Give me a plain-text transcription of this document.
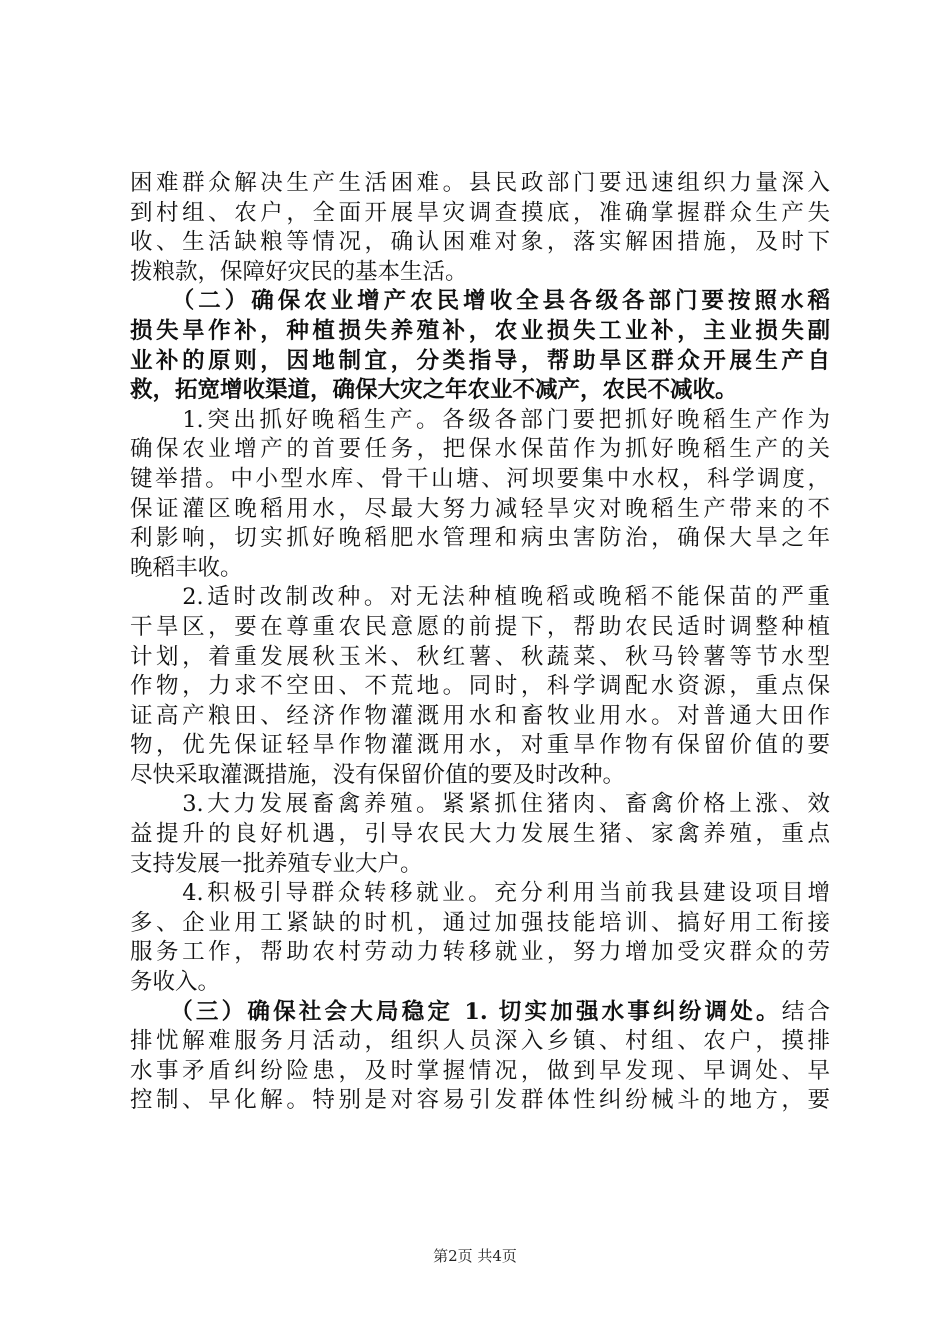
困难群众解决生产生活困难。县民政部门要迅速组织力量深入
到村组、农户，全面开展旱灾调查摸底，准确掌握群众生产失
收、生活缺粮等情况，确认困难对象，落实解困措施，及时下
拨粮款，保障好灾民的基本生活。
　　（二）确保农业增产农民增收全县各级各部门要按照水稻
损失旱作补，种植损失养殖补，农业损失工业补，主业损失副
业补的原则，因地制宜，分类指导，帮助旱区群众开展生产自
救，拓宽增收渠道，确保大灾之年农业不减产，农民不减收。
　　1.突出抓好晚稻生产。各级各部门要把抓好晚稻生产作为
确保农业增产的首要任务，把保水保苗作为抓好晚稻生产的关
键举措。中小型水库、骨干山塘、河坝要集中水权，科学调度，
保证灌区晚稻用水，尽最大努力减轻旱灾对晚稻生产带来的不
利影响，切实抓好晚稻肥水管理和病虫害防治，确保大旱之年
晚稻丰收。
　　2.适时改制改种。对无法种植晚稻或晚稻不能保苗的严重
干旱区，要在尊重农民意愿的前提下，帮助农民适时调整种植
计划，着重发展秋玉米、秋红薯、秋蔬菜、秋马铃薯等节水型
作物，力求不空田、不荒地。同时，科学调配水资源，重点保
证高产粮田、经济作物灌溉用水和畜牧业用水。对普通大田作
物，优先保证轻旱作物灌溉用水，对重旱作物有保留价值的要
尽快采取灌溉措施，没有保留价值的要及时改种。
　　3.大力发展畜禽养殖。紧紧抓住猪肉、畜禽价格上涨、效
益提升的良好机遇，引导农民大力发展生猪、家禽养殖，重点
支持发展一批养殖专业大户。
　　4.积极引导群众转移就业。充分利用当前我县建设项目增
多、企业用工紧缺的时机，通过加强技能培训、搞好用工衔接
服务工作，帮助农村劳动力转移就业，努力增加受灾群众的劳
务收入。
　　（三）确保社会大局稳定 1. 切实加强水事纠纷调处。结合
排忧解难服务月活动，组织人员深入乡镇、村组、农户，摸排
水事矛盾纠纷险患，及时掌握情况，做到早发现、早调处、早
控制、早化解。特别是对容易引发群体性纠纷械斗的地方，要
第2页 共4页
